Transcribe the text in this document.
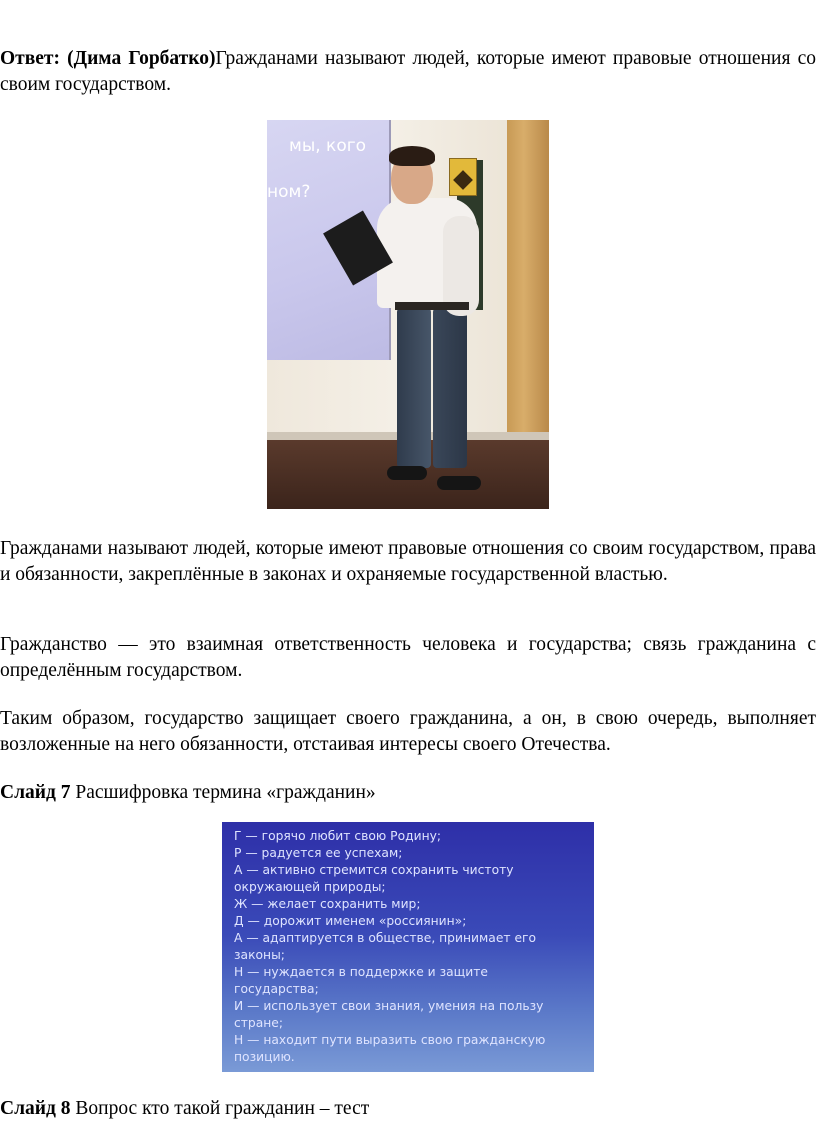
Ответ: (Дима Горбатко)Гражданами называют людей, которые имеют правовые отношения со своим государством.

мы, кого
ном?

Гражданами называют людей, которые имеют правовые отношения со своим государством, права и обязанности, закреплённые в законах и охраняемые государственной властью.

Гражданство — это взаимная ответственность человека и государства; связь гражданина с определённым государством.

Таким образом, государство защищает своего гражданина, а он, в свою очередь, выполняет возложенные на него обязанности, отстаивая интересы своего Отечества.

Слайд 7 Расшифровка термина «гражданин»

Г — горячо любит свою Родину;
Р — радуется ее успехам;
А — активно стремится сохранить чистоту
окружающей природы;
Ж — желает сохранить мир;
Д — дорожит именем «россиянин»;
А — адаптируется в обществе, принимает его
законы;
Н — нуждается в поддержке и защите
государства;
И — использует свои знания, умения на пользу
стране;
Н — находит пути выразить свою гражданскую
позицию.

Слайд 8 Вопрос кто такой гражданин – тест
